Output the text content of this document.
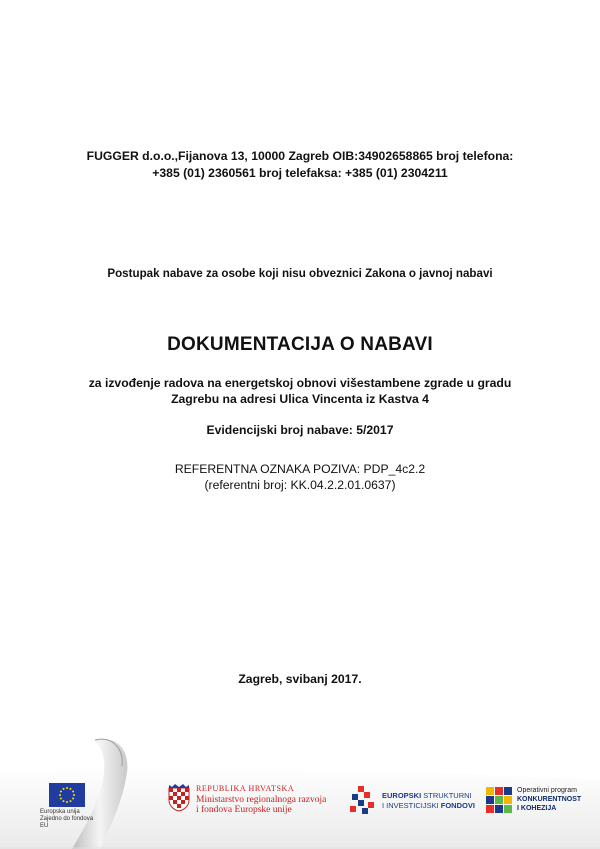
FUGGER d.o.o.,Fijanova 13, 10000 Zagreb OIB:34902658865 broj telefona:
+385 (01) 2360561 broj telefaksa: +385 (01) 2304211
Postupak nabave za osobe koji nisu obveznici Zakona o javnoj nabavi
DOKUMENTACIJA O NABAVI
za izvođenje radova na energetskoj obnovi višestambene zgrade u gradu
Zagrebu na adresi Ulica Vincenta iz Kastva 4
Evidencijski broj nabave: 5/2017
REFERENTNA OZNAKA POZIVA: PDP_4c2.2
(referentni broj: KK.04.2.2.01.0637)
Zagreb, svibanj 2017.
Europska unija
Zajedno do fondova EU
REPUBLIKA HRVATSKA
Ministarstvo regionalnoga razvoja
i fondova Europske unije
EUROPSKI STRUKTURNI
I INVESTICIJSKI FONDOVI
Operativni program
KONKURENTNOST
I KOHEZIJA
